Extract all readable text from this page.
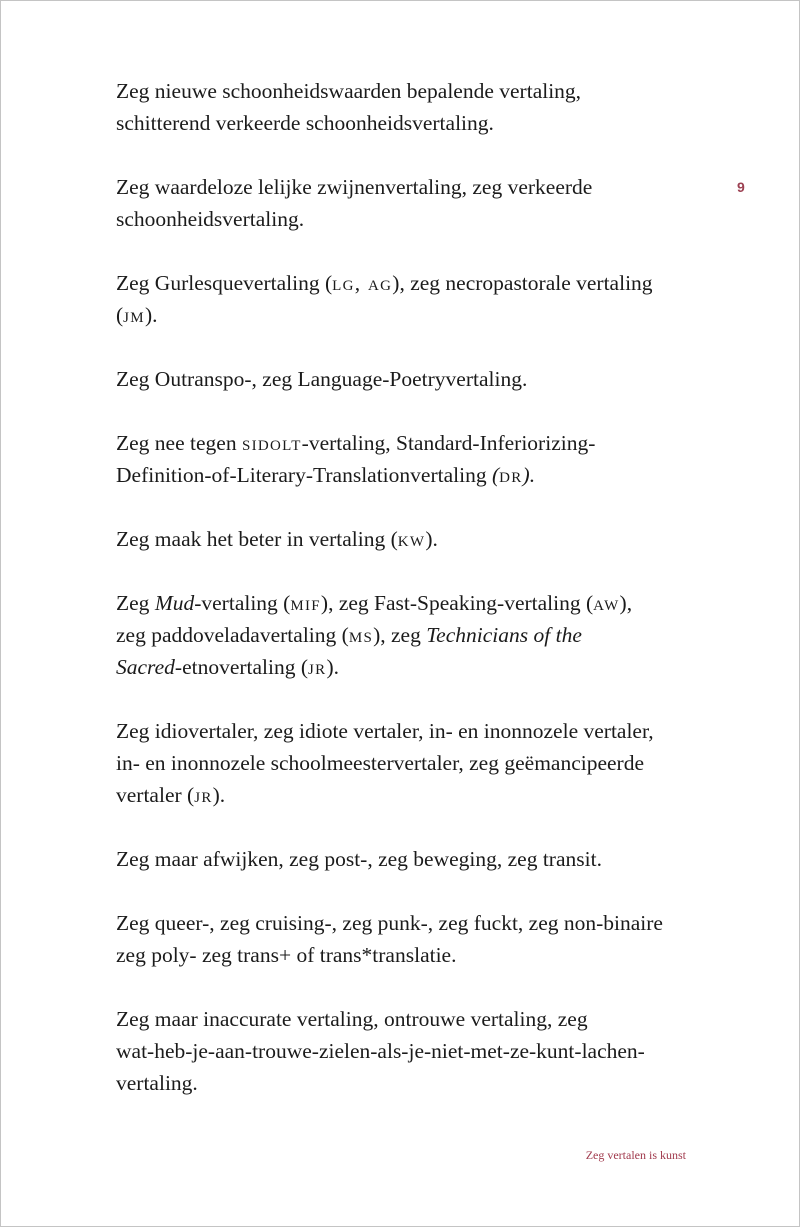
9

Zeg nieuwe schoonheidswaarden bepalende vertaling,
schitterend verkeerde schoonheidsvertaling.

Zeg waardeloze lelijke zwijnenvertaling, zeg verkeerde
schoonheidsvertaling.

Zeg Gurlesquevertaling (lg, ag), zeg necropastorale vertaling
(jm).

Zeg Outranspo-, zeg Language-Poetryvertaling.

Zeg nee tegen sidolt-vertaling, Standard-Inferiorizing-
Definition-of-Literary-Translationvertaling (dr).

Zeg maak het beter in vertaling (kw).

Zeg Mud-vertaling (mif), zeg Fast-Speaking-vertaling (aw),
zeg paddoveladavertaling (ms), zeg Technicians of the
Sacred-etnovertaling (jr).

Zeg idiovertaler, zeg idiote vertaler, in- en inonnozele vertaler,
in- en inonnozele schoolmeestervertaler, zeg geëmancipeerde
vertaler (jr).

Zeg maar afwijken, zeg post-, zeg beweging, zeg transit.

Zeg queer-, zeg cruising-, zeg punk-, zeg fuckt, zeg non-binaire
zeg poly- zeg trans+ of trans*translatie.

Zeg maar inaccurate vertaling, ontrouwe vertaling, zeg
wat-heb-je-aan-trouwe-zielen-als-je-niet-met-ze-kunt-lachen-
vertaling.

Zeg vertalen is kunst
